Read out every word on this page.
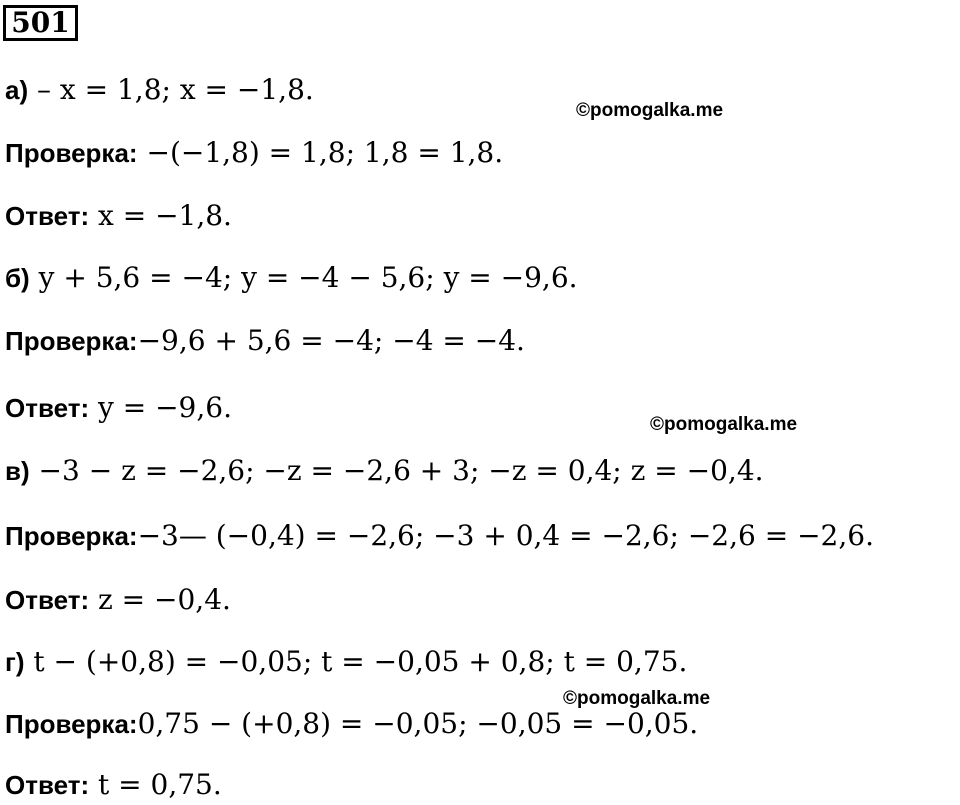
501
а) – x = 1,8; x = −1,8.
©pomogalka.me
Проверка: −(−1,8) = 1,8; 1,8 = 1,8.
Ответ: x = −1,8.
б) y + 5,6 = −4; y = −4 − 5,6; y = −9,6.
Проверка:−9,6 + 5,6 = −4; −4 = −4.
Ответ: y = −9,6.
©pomogalka.me
в) −3 − z = −2,6; −z = −2,6 + 3; −z = 0,4; z = −0,4.
Проверка:−3— (−0,4) = −2,6; −3 + 0,4 = −2,6; −2,6 = −2,6.
Ответ: z = −0,4.
г) t − (+0,8) = −0,05; t = −0,05 + 0,8; t = 0,75.
©pomogalka.me
Проверка:0,75 − (+0,8) = −0,05; −0,05 = −0,05.
Ответ: t = 0,75.
